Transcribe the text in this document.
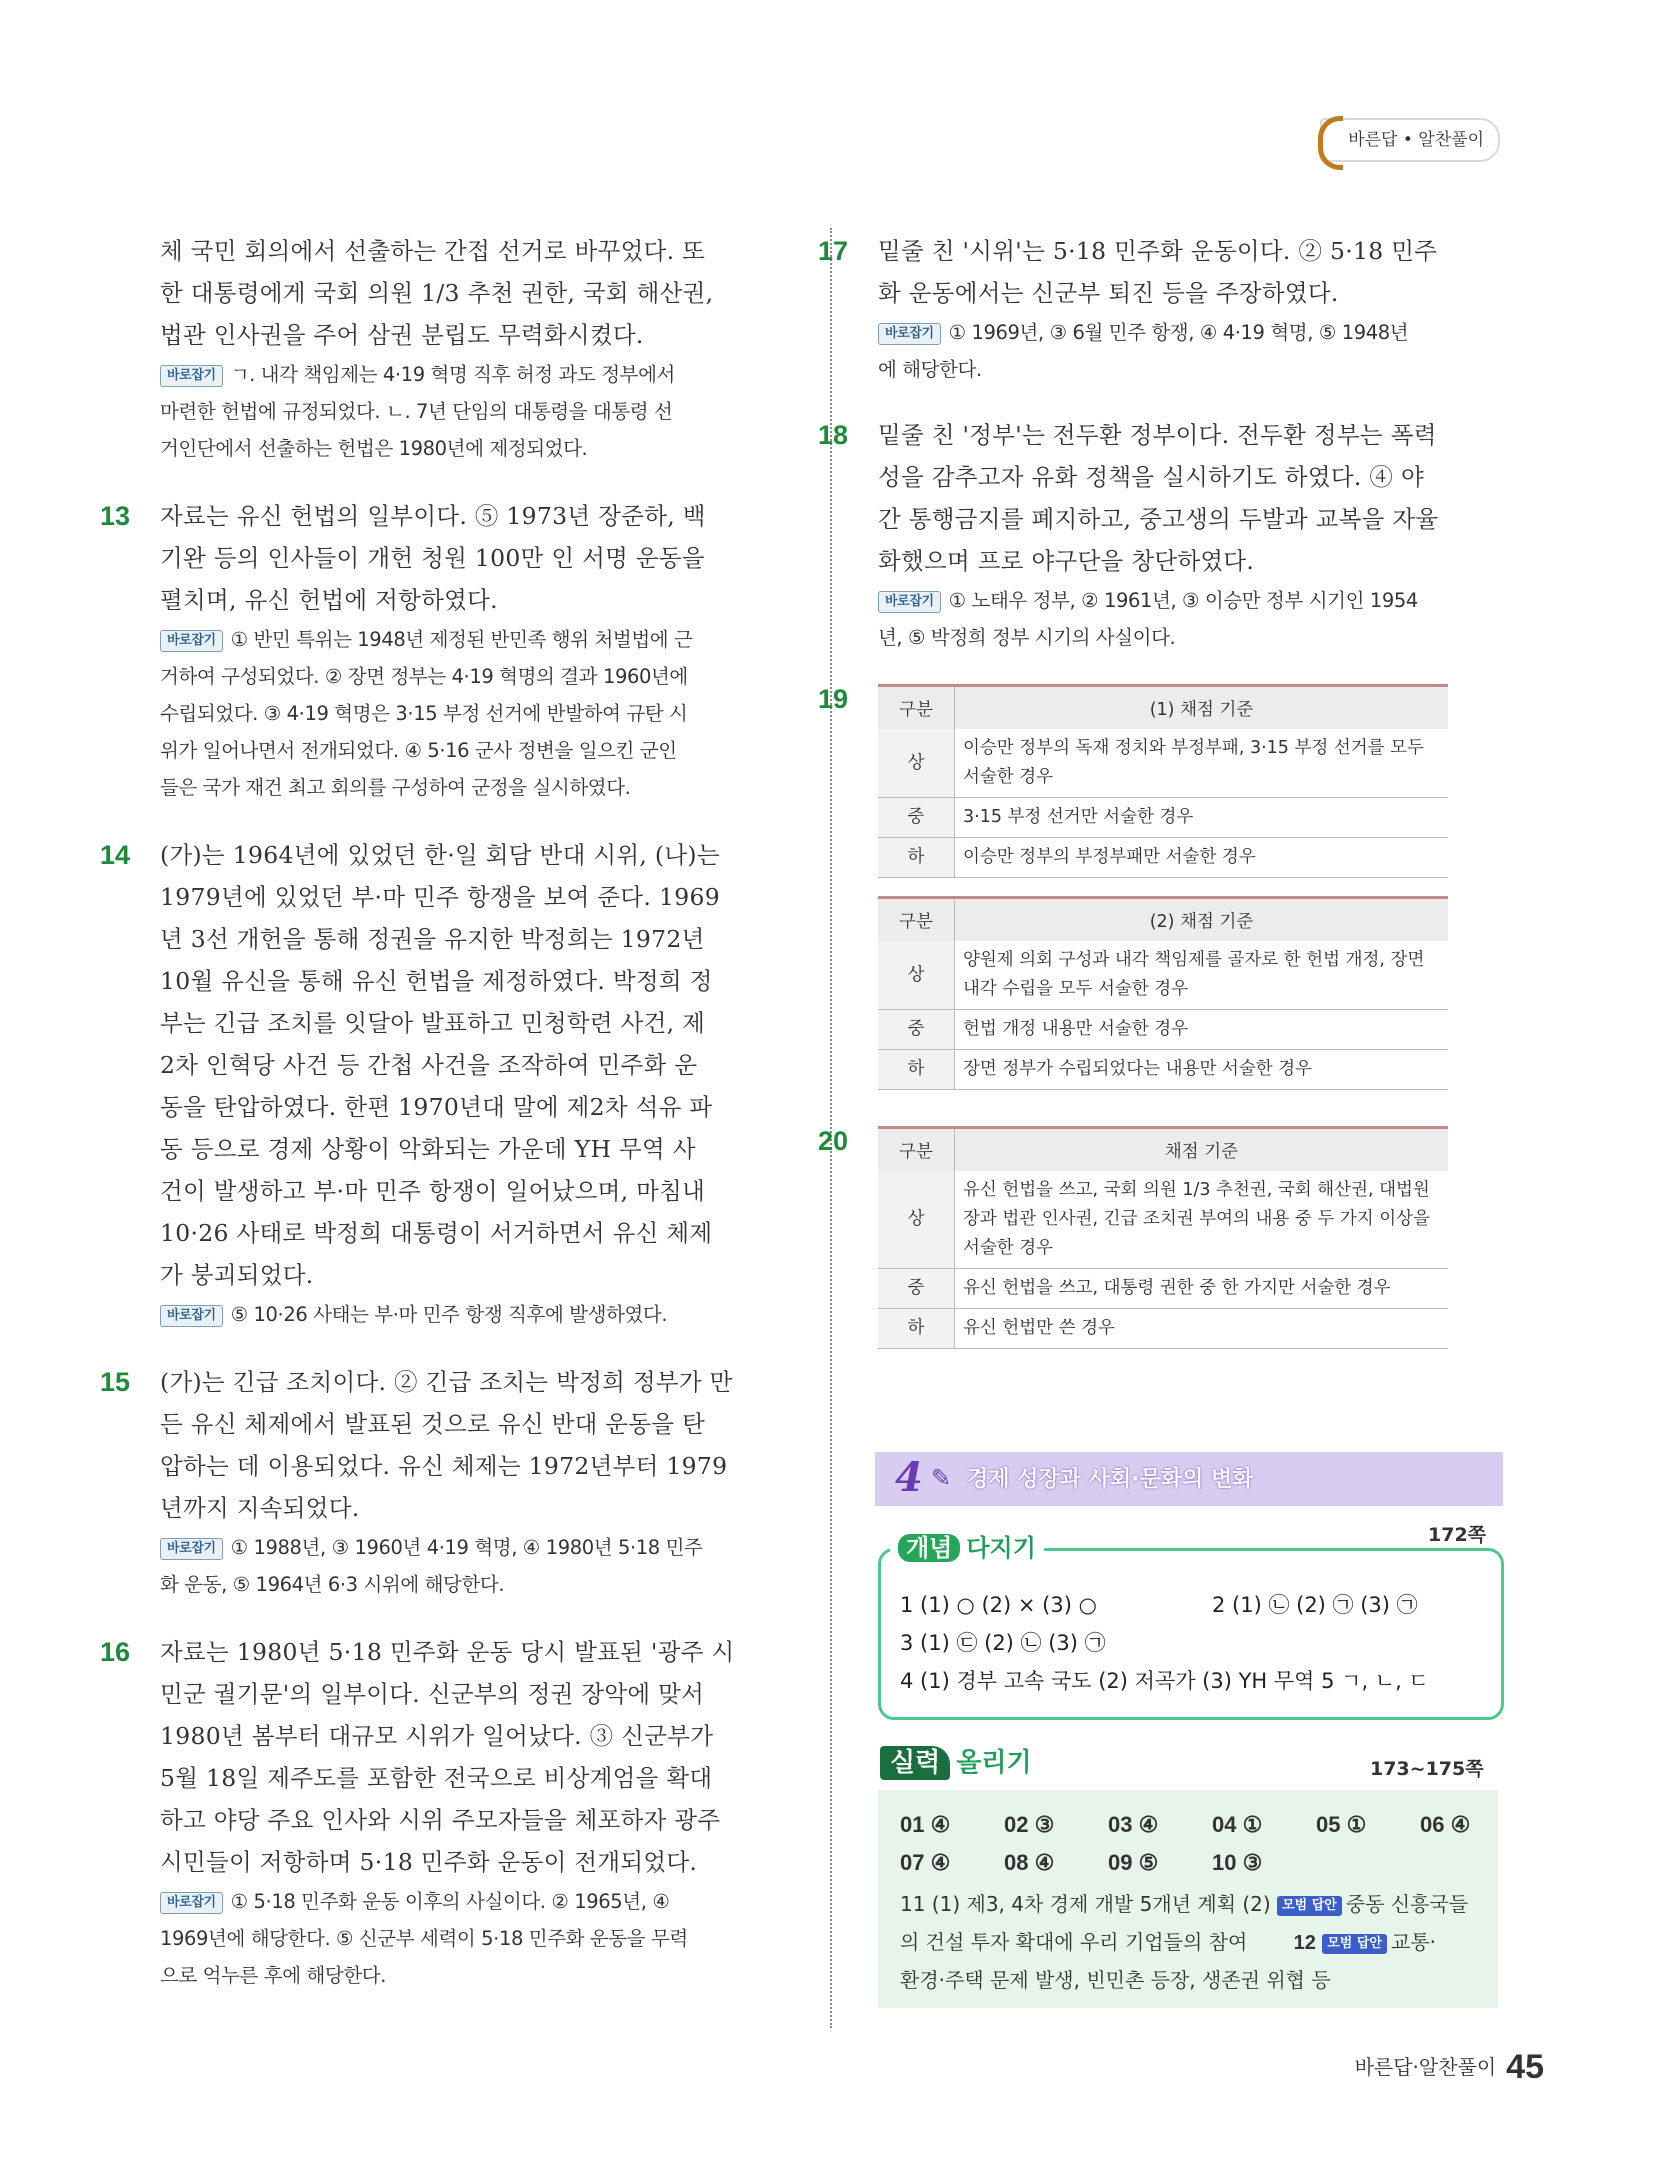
바른답 • 알찬풀이
체 국민 회의에서 선출하는 간접 선거로 바꾸었다. 또
한 대통령에게 국회 의원 1/3 추천 권한, 국회 해산권,
법관 인사권을 주어 삼권 분립도 무력화시켰다.
바로잡기 ㄱ. 내각 책임제는 4·19 혁명 직후 허정 과도 정부에서
마련한 헌법에 규정되었다. ㄴ. 7년 단임의 대통령을 대통령 선
거인단에서 선출하는 헌법은 1980년에 제정되었다.
13 자료는 유신 헌법의 일부이다. ⑤ 1973년 장준하, 백
기완 등의 인사들이 개헌 청원 100만 인 서명 운동을
펼치며, 유신 헌법에 저항하였다.
바로잡기 ① 반민 특위는 1948년 제정된 반민족 행위 처벌법에 근
거하여 구성되었다. ② 장면 정부는 4·19 혁명의 결과 1960년에
수립되었다. ③ 4·19 혁명은 3·15 부정 선거에 반발하여 규탄 시
위가 일어나면서 전개되었다. ④ 5·16 군사 정변을 일으킨 군인
들은 국가 재건 최고 회의를 구성하여 군정을 실시하였다.
14 (가)는 1964년에 있었던 한·일 회담 반대 시위, (나)는
1979년에 있었던 부·마 민주 항쟁을 보여 준다. 1969
년 3선 개헌을 통해 정권을 유지한 박정희는 1972년
10월 유신을 통해 유신 헌법을 제정하였다. 박정희 정
부는 긴급 조치를 잇달아 발표하고 민청학련 사건, 제
2차 인혁당 사건 등 간첩 사건을 조작하여 민주화 운
동을 탄압하였다. 한편 1970년대 말에 제2차 석유 파
동 등으로 경제 상황이 악화되는 가운데 YH 무역 사
건이 발생하고 부·마 민주 항쟁이 일어났으며, 마침내
10·26 사태로 박정희 대통령이 서거하면서 유신 체제
가 붕괴되었다.
바로잡기 ⑤ 10·26 사태는 부·마 민주 항쟁 직후에 발생하였다.
15 (가)는 긴급 조치이다. ② 긴급 조치는 박정희 정부가 만
든 유신 체제에서 발표된 것으로 유신 반대 운동을 탄
압하는 데 이용되었다. 유신 체제는 1972년부터 1979
년까지 지속되었다.
바로잡기 ① 1988년, ③ 1960년 4·19 혁명, ④ 1980년 5·18 민주
화 운동, ⑤ 1964년 6·3 시위에 해당한다.
16 자료는 1980년 5·18 민주화 운동 당시 발표된 '광주 시
민군 궐기문'의 일부이다. 신군부의 정권 장악에 맞서
1980년 봄부터 대규모 시위가 일어났다. ③ 신군부가
5월 18일 제주도를 포함한 전국으로 비상계엄을 확대
하고 야당 주요 인사와 시위 주모자들을 체포하자 광주
시민들이 저항하며 5·18 민주화 운동이 전개되었다.
바로잡기 ① 5·18 민주화 운동 이후의 사실이다. ② 1965년, ④
1969년에 해당한다. ⑤ 신군부 세력이 5·18 민주화 운동을 무력
으로 억누른 후에 해당한다.
17 밑줄 친 '시위'는 5·18 민주화 운동이다. ② 5·18 민주
화 운동에서는 신군부 퇴진 등을 주장하였다.
바로잡기 ① 1969년, ③ 6월 민주 항쟁, ④ 4·19 혁명, ⑤ 1948년
에 해당한다.
18 밑줄 친 '정부'는 전두환 정부이다. 전두환 정부는 폭력
성을 감추고자 유화 정책을 실시하기도 하였다. ④ 야
간 통행금지를 폐지하고, 중고생의 두발과 교복을 자율
화했으며 프로 야구단을 창단하였다.
바로잡기 ① 노태우 정부, ② 1961년, ③ 이승만 정부 시기인 1954
년, ⑤ 박정희 정부 시기의 사실이다.
19	구분	(1) 채점 기준
상	이승만 정부의 독재 정치와 부정부패, 3·15 부정 선거를 모두 서술한 경우
중	3·15 부정 선거만 서술한 경우
하	이승만 정부의 부정부패만 서술한 경우
구분	(2) 채점 기준
상	양원제 의회 구성과 내각 책임제를 골자로 한 헌법 개정, 장면 내각 수립을 모두 서술한 경우
중	헌법 개정 내용만 서술한 경우
하	장면 정부가 수립되었다는 내용만 서술한 경우
20	구분	채점 기준
상	유신 헌법을 쓰고, 국회 의원 1/3 추천권, 국회 해산권, 대법원장과 법관 인사권, 긴급 조치권 부여의 내용 중 두 가지 이상을 서술한 경우
중	유신 헌법을 쓰고, 대통령 권한 중 한 가지만 서술한 경우
하	유신 헌법만 쓴 경우
4 ✎ 경제 성장과 사회·문화의 변화
개념 다지기	172쪽
1 (1) ○ (2) × (3) ○	2 (1) ㉡ (2) ㉠ (3) ㉠
3 (1) ㉢ (2) ㉡ (3) ㉠
4 (1) 경부 고속 국도 (2) 저곡가 (3) YH 무역 5 ㄱ, ㄴ, ㄷ
실력 올리기	173~175쪽
01 ④ 02 ③ 03 ④ 04 ① 05 ① 06 ④
07 ④ 08 ④ 09 ⑤ 10 ③
11 (1) 제3, 4차 경제 개발 5개년 계획 (2) 모범 답안 중동 신흥국들
의 건설 투자 확대에 우리 기업들의 참여 12 모범 답안 교통·
환경·주택 문제 발생, 빈민촌 등장, 생존권 위협 등
바른답·알찬풀이 45
